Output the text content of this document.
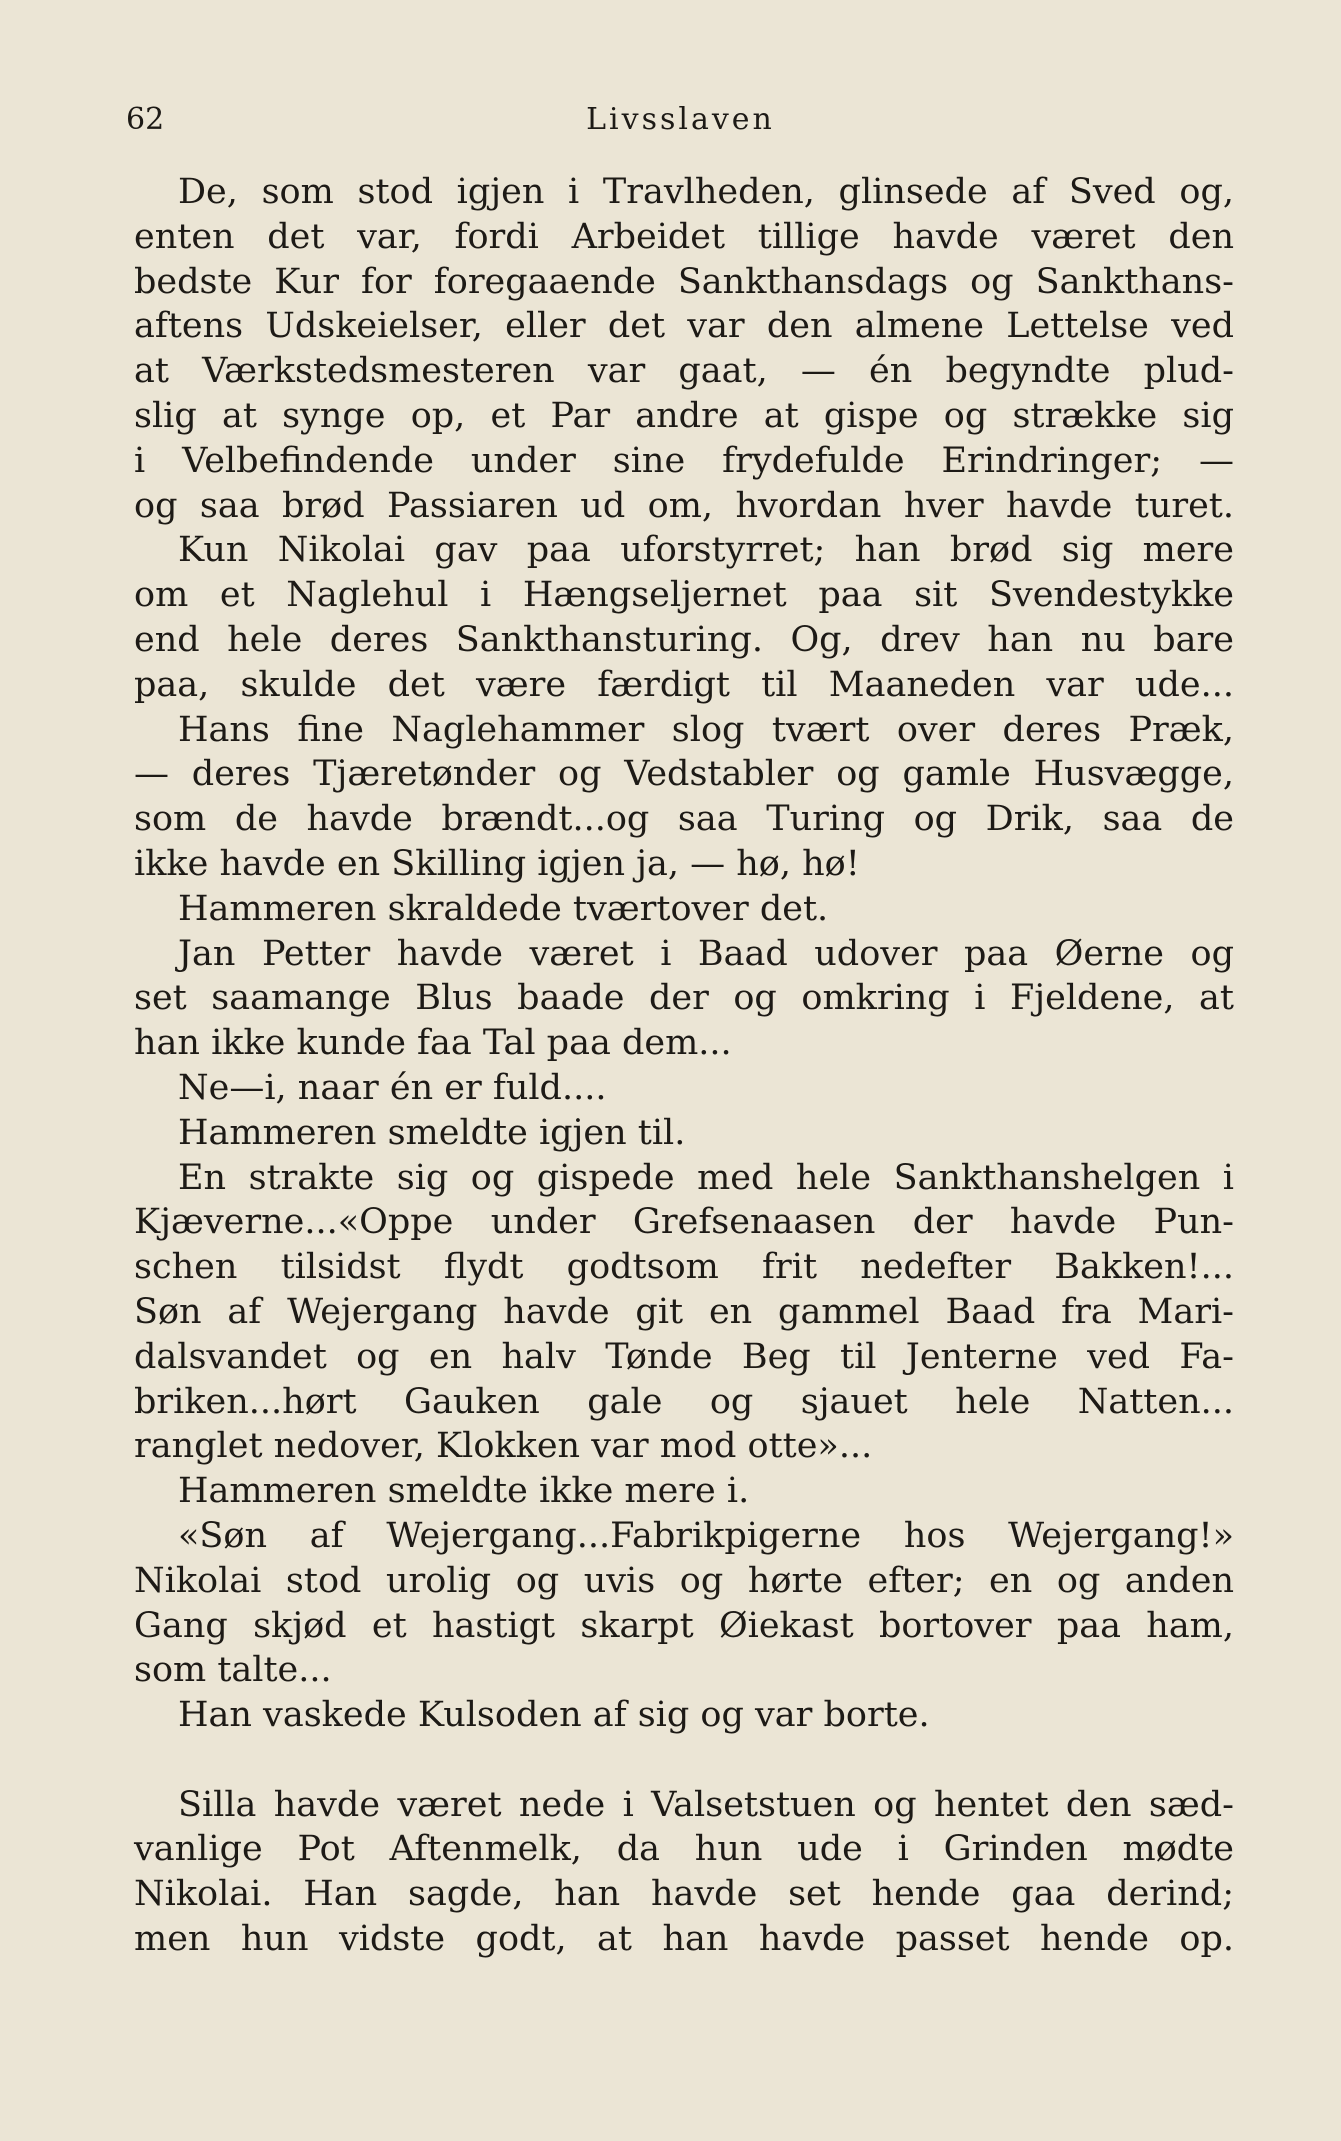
62	Livsslaven
De, som stod igjen i Travlheden, glinsede af Sved og,
enten det var, fordi Arbeidet tillige havde været den
bedste Kur for foregaaende Sankthansdags og Sankthans-
aftens Udskeielser, eller det var den almene Lettelse ved
at Værkstedsmesteren var gaat, — én begyndte plud-
slig at synge op, et Par andre at gispe og strække sig
i Velbefindende under sine frydefulde Erindringer; —
og saa brød Passiaren ud om, hvordan hver havde turet.
Kun Nikolai gav paa uforstyrret; han brød sig mere
om et Naglehul i Hængseljernet paa sit Svendestykke
end hele deres Sankthansturing. Og, drev han nu bare
paa, skulde det være færdigt til Maaneden var ude...
Hans fine Naglehammer slog tvært over deres Præk,
— deres Tjæretønder og Vedstabler og gamle Husvægge,
som de havde brændt...og saa Turing og Drik, saa de
ikke havde en Skilling igjen ja, — hø, hø!
Hammeren skraldede tværtover det.
Jan Petter havde været i Baad udover paa Øerne og
set saamange Blus baade der og omkring i Fjeldene, at
han ikke kunde faa Tal paa dem...
Ne—i, naar én er fuld....
Hammeren smeldte igjen til.
En strakte sig og gispede med hele Sankthanshelgen i
Kjæverne...«Oppe under Grefsenaasen der havde Pun-
schen tilsidst flydt godtsom frit nedefter Bakken!...
Søn af Wejergang havde git en gammel Baad fra Mari-
dalsvandet og en halv Tønde Beg til Jenterne ved Fa-
briken...hørt Gauken gale og sjauet hele Natten...
ranglet nedover, Klokken var mod otte»...
Hammeren smeldte ikke mere i.
«Søn af Wejergang...Fabrikpigerne hos Wejergang!»
Nikolai stod urolig og uvis og hørte efter; en og anden
Gang skjød et hastigt skarpt Øiekast bortover paa ham,
som talte...
Han vaskede Kulsoden af sig og var borte.
Silla havde været nede i Valsetstuen og hentet den sæd-
vanlige Pot Aftenmelk, da hun ude i Grinden mødte
Nikolai. Han sagde, han havde set hende gaa derind;
men hun vidste godt, at han havde passet hende op.
